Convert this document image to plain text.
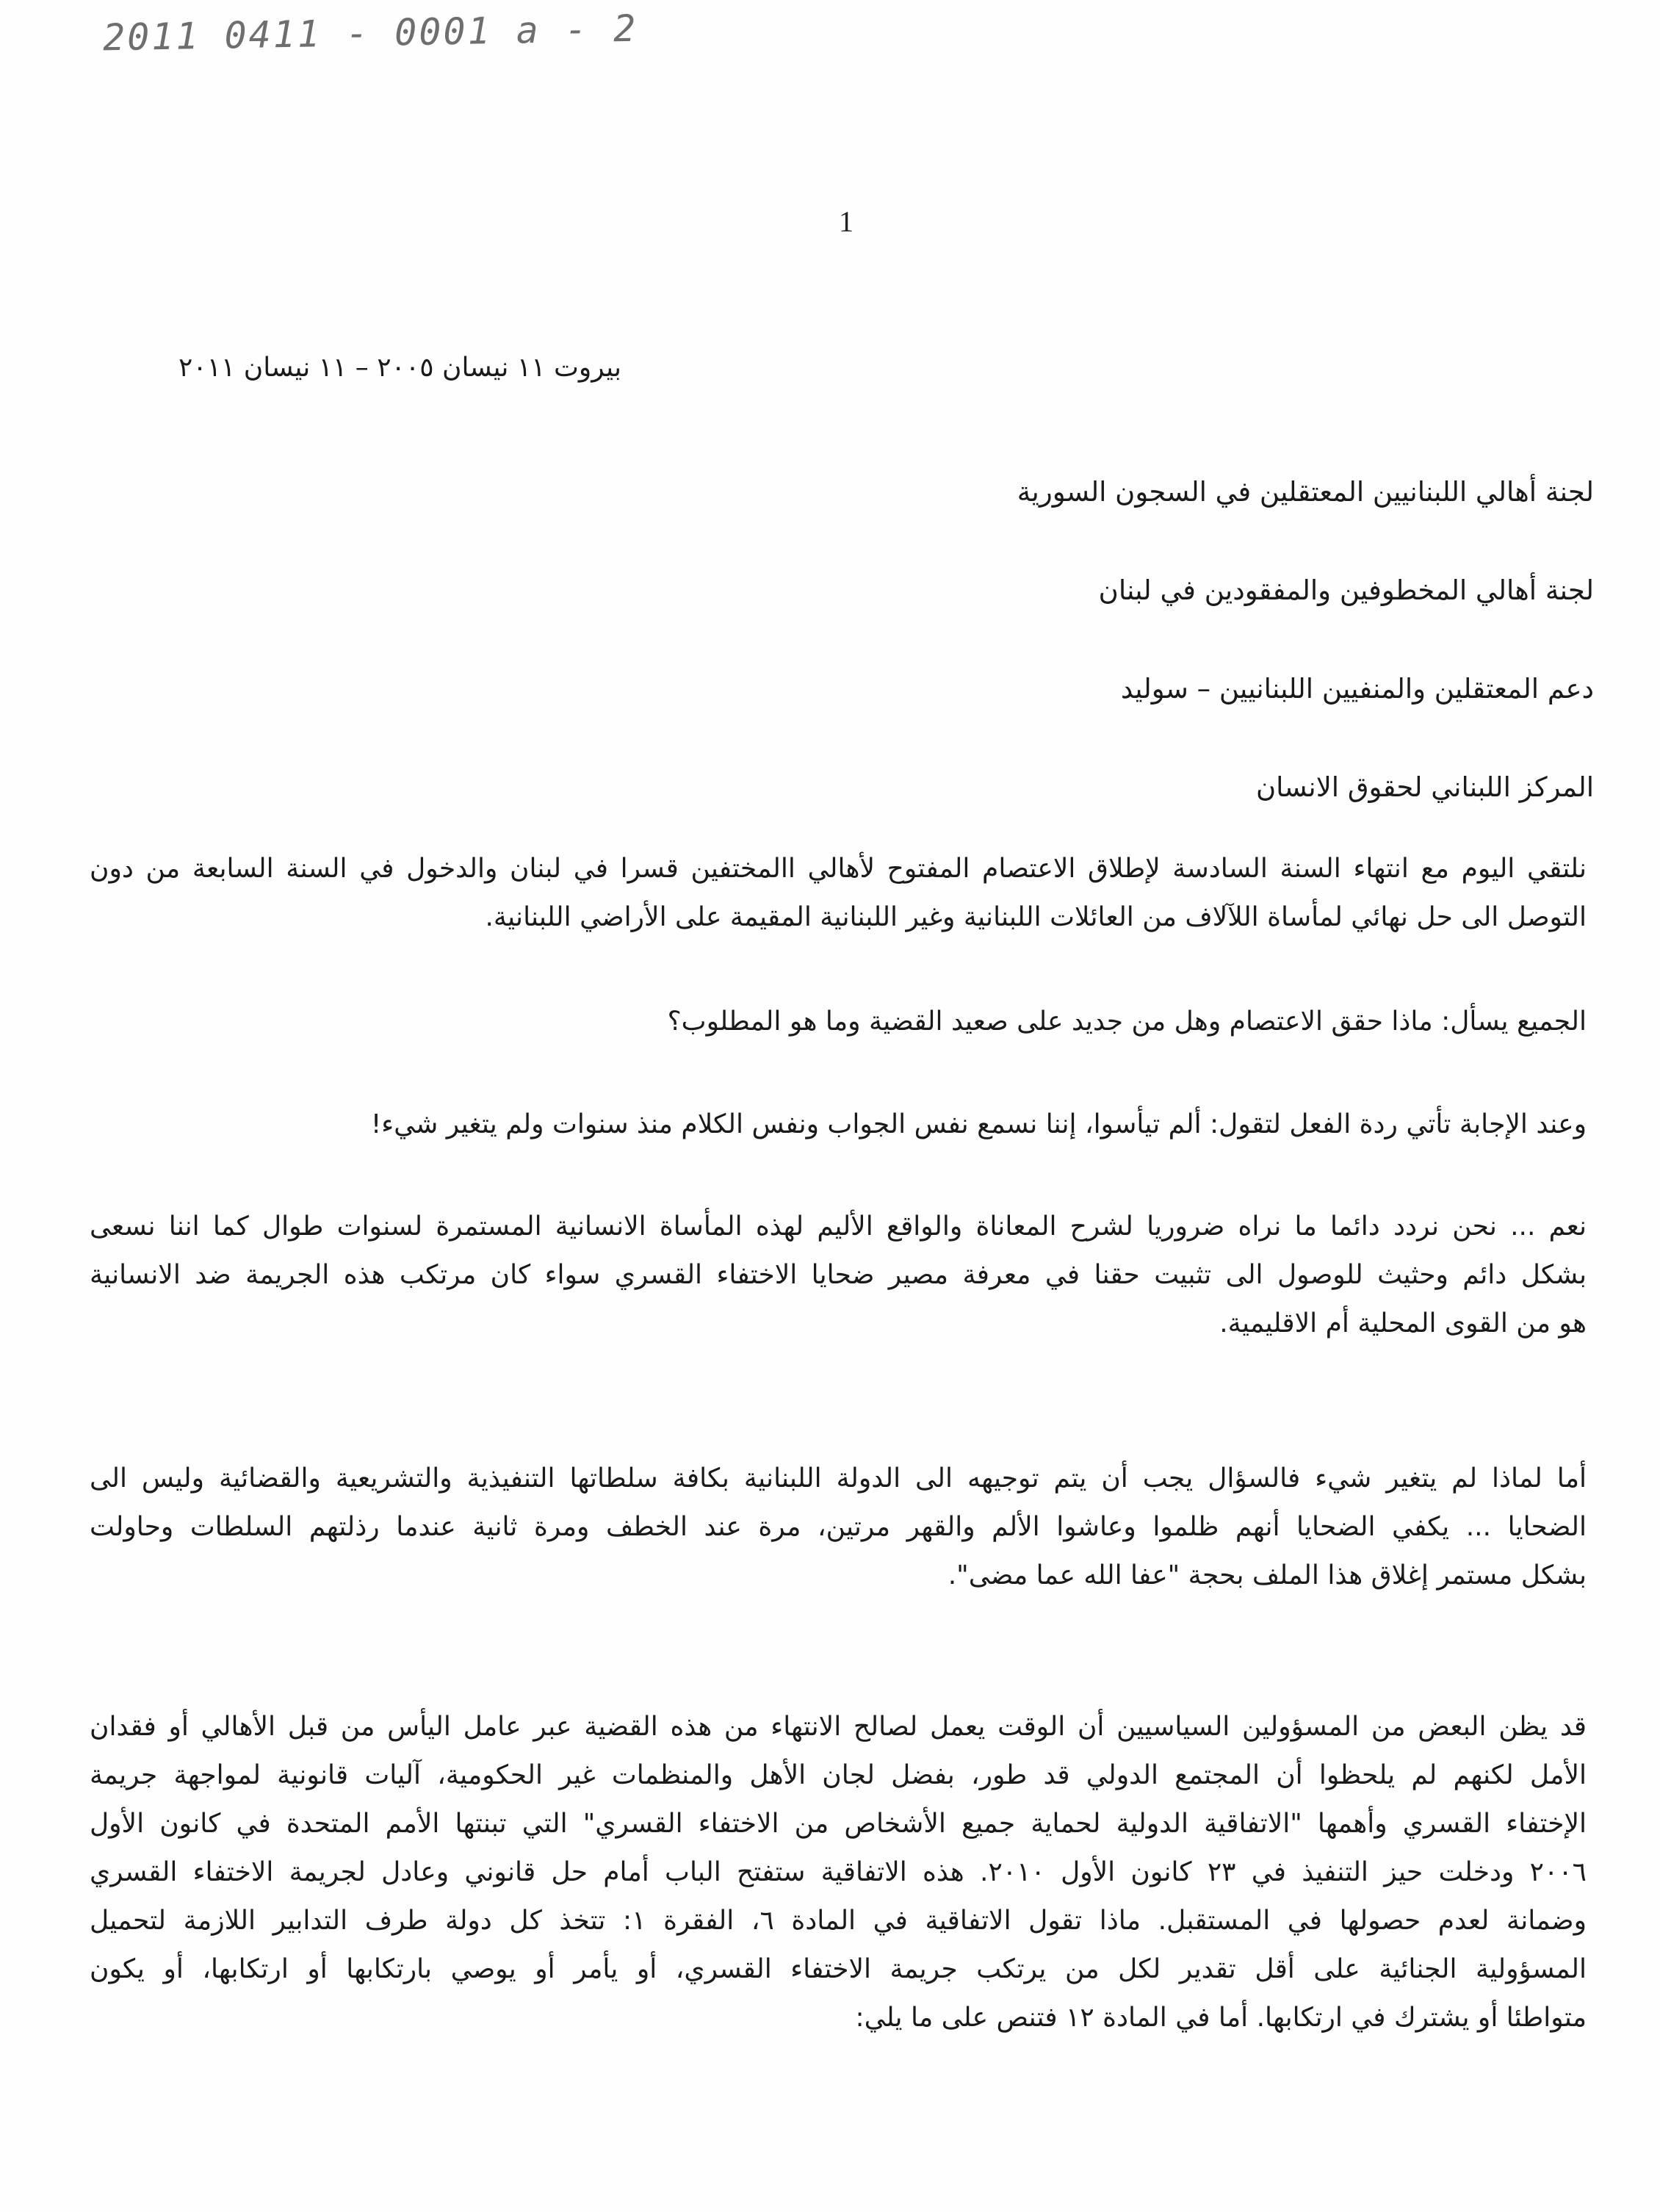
2011 0411 - 0001 a - 2
1
بيروت ١١ نيسان ٢٠٠٥ – ١١ نيسان ٢٠١١
لجنة أهالي اللبنانيين المعتقلين في السجون السورية
لجنة أهالي المخطوفين والمفقودين في لبنان
دعم المعتقلين والمنفيين اللبنانيين – سوليد
المركز اللبناني لحقوق الانسان
نلتقي اليوم مع انتهاء السنة السادسة لإطلاق الاعتصام المفتوح لأهالي االمختفين قسرا في لبنان والدخول في السنة السابعة من دون
التوصل الى حل نهائي لمأساة اللآلاف من العائلات اللبنانية وغير اللبنانية المقيمة على الأراضي اللبنانية.
الجميع يسأل: ماذا حقق الاعتصام وهل من جديد على صعيد القضية وما هو المطلوب؟
وعند الإجابة تأتي ردة الفعل لتقول: ألم تيأسوا، إننا نسمع نفس الجواب ونفس الكلام منذ سنوات ولم يتغير شيء!
نعم ... نحن نردد دائما ما نراه ضروريا لشرح المعاناة والواقع الأليم لهذه المأساة الانسانية المستمرة لسنوات طوال كما اننا نسعى
بشكل دائم وحثيث للوصول الى تثبيت حقنا في معرفة مصير ضحايا الاختفاء القسري سواء كان مرتكب هذه الجريمة ضد الانسانية
هو من القوى المحلية أم الاقليمية.
أما لماذا لم يتغير شيء فالسؤال يجب أن يتم توجيهه الى الدولة اللبنانية بكافة سلطاتها التنفيذية والتشريعية والقضائية وليس الى
الضحايا ... يكفي الضحايا أنهم ظلموا وعاشوا الألم والقهر مرتين، مرة عند الخطف ومرة ثانية عندما رذلتهم السلطات وحاولت
بشكل مستمر إغلاق هذا الملف بحجة "عفا الله عما مضى".
قد يظن البعض من المسؤولين السياسيين أن الوقت يعمل لصالح الانتهاء من هذه القضية عبر عامل اليأس من قبل الأهالي أو فقدان
الأمل لكنهم لم يلحظوا أن المجتمع الدولي قد طور، بفضل لجان الأهل والمنظمات غير الحكومية، آليات قانونية لمواجهة جريمة
الإختفاء القسري وأهمها "الاتفاقية الدولية لحماية جميع الأشخاص من الاختفاء القسري" التي تبنتها الأمم المتحدة في كانون الأول
٢٠٠٦ ودخلت حيز التنفيذ في ٢٣ كانون الأول ٢٠١٠. هذه الاتفاقية ستفتح الباب أمام حل قانوني وعادل لجريمة الاختفاء القسري
وضمانة لعدم حصولها في المستقبل. ماذا تقول الاتفاقية في المادة ٦، الفقرة ١: تتخذ كل دولة طرف التدابير اللازمة لتحميل
المسؤولية الجنائية على أقل تقدير لكل من يرتكب جريمة الاختفاء القسري، أو يأمر أو يوصي بارتكابها أو ارتكابها، أو يكون
متواطئا أو يشترك في ارتكابها. أما في المادة ١٢ فتنص على ما يلي:
